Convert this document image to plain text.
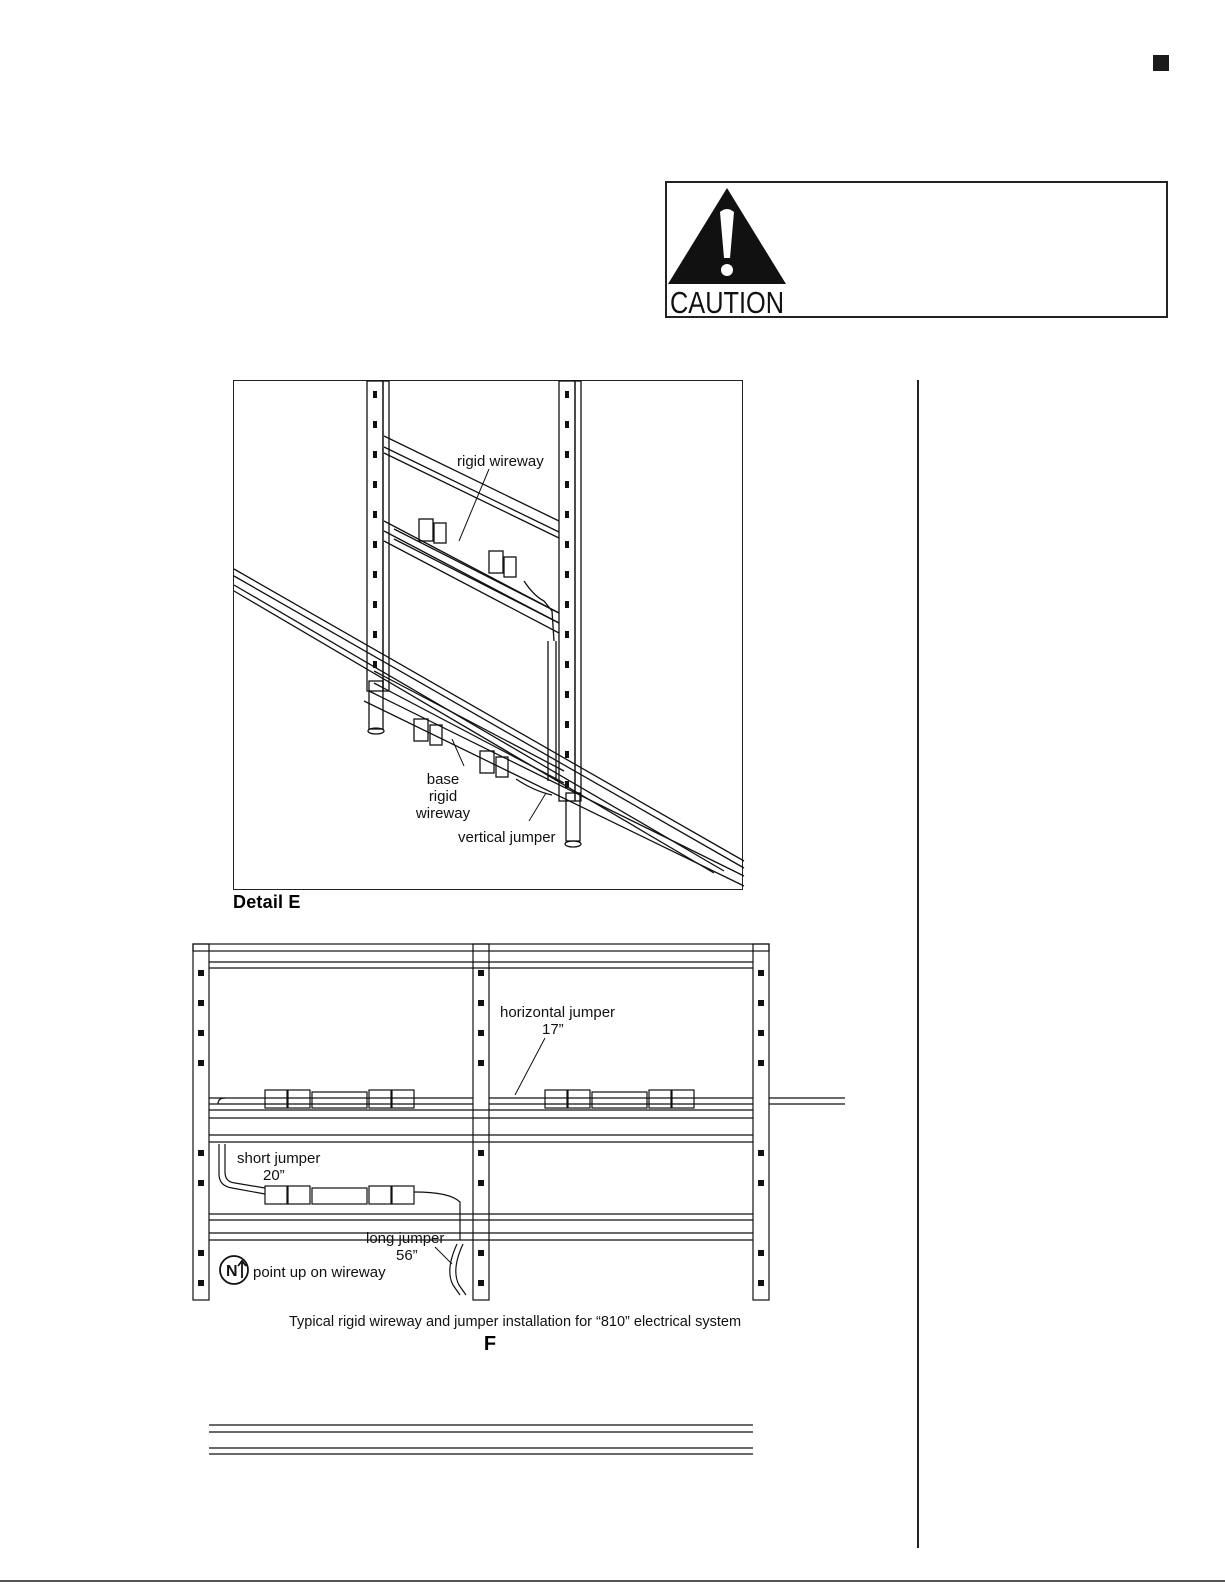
CAUTION
rigid wireway
base
rigid
wireway
vertical jumper
Detail E
N
horizontal jumper
17”
short jumper
20”
long jumper
56”
point up on wireway
Typical rigid wireway and jumper installation for “810” electrical system
F
